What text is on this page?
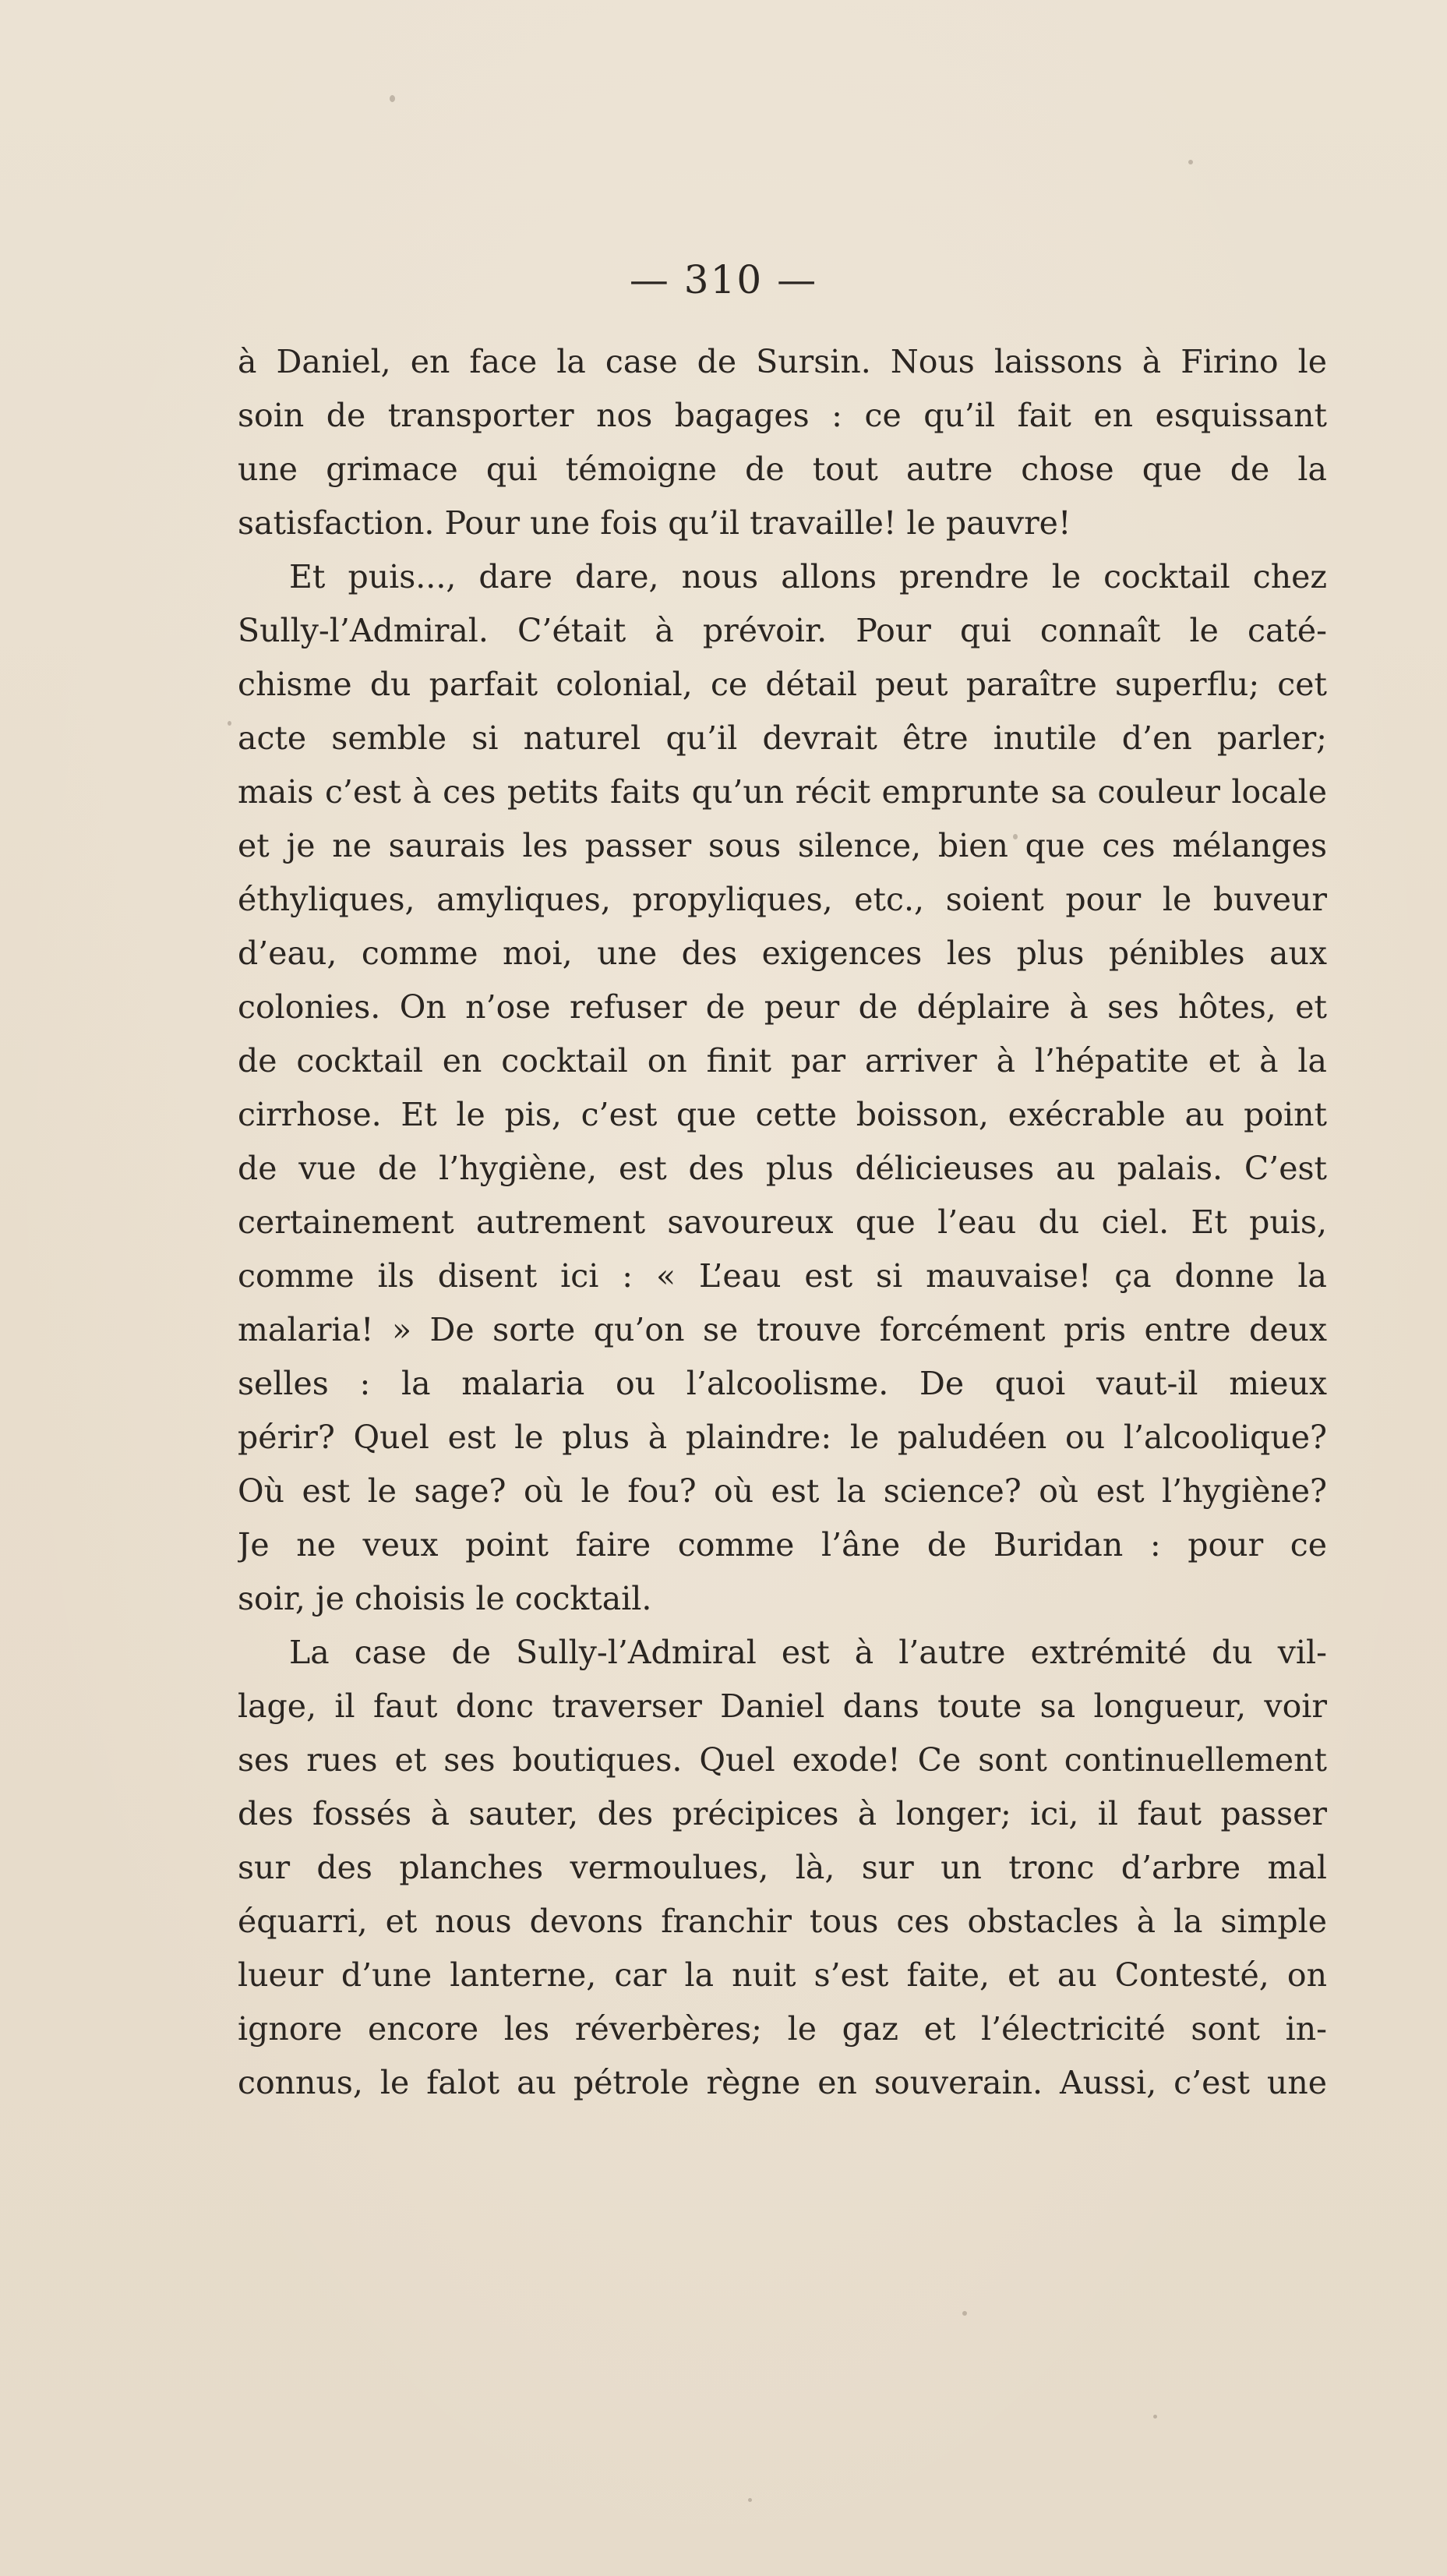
— 310 —
à Daniel, en face la case de Sursin. Nous laissons à Firino le
soin de transporter nos bagages : ce qu’il fait en esquissant
une grimace qui témoigne de tout autre chose que de la
satisfaction. Pour une fois qu’il travaille! le pauvre!
Et puis..., dare dare, nous allons prendre le cocktail chez
Sully-l’Admiral. C’était à prévoir. Pour qui connaît le caté-
chisme du parfait colonial, ce détail peut paraître superflu; cet
acte semble si naturel qu’il devrait être inutile d’en parler;
mais c’est à ces petits faits qu’un récit emprunte sa couleur locale
et je ne saurais les passer sous silence, bien que ces mélanges
éthyliques, amyliques, propyliques, etc., soient pour le buveur
d’eau, comme moi, une des exigences les plus pénibles aux
colonies. On n’ose refuser de peur de déplaire à ses hôtes, et
de cocktail en cocktail on finit par arriver à l’hépatite et à la
cirrhose. Et le pis, c’est que cette boisson, exécrable au point
de vue de l’hygiène, est des plus délicieuses au palais. C’est
certainement autrement savoureux que l’eau du ciel. Et puis,
comme ils disent ici : « L’eau est si mauvaise! ça donne la
malaria! » De sorte qu’on se trouve forcément pris entre deux
selles : la malaria ou l’alcoolisme. De quoi vaut-il mieux
périr? Quel est le plus à plaindre: le paludéen ou l’alcoolique?
Où est le sage? où le fou? où est la science? où est l’hygiène?
Je ne veux point faire comme l’âne de Buridan : pour ce
soir, je choisis le cocktail.
La case de Sully-l’Admiral est à l’autre extrémité du vil-
lage, il faut donc traverser Daniel dans toute sa longueur, voir
ses rues et ses boutiques. Quel exode! Ce sont continuellement
des fossés à sauter, des précipices à longer; ici, il faut passer
sur des planches vermoulues, là, sur un tronc d’arbre mal
équarri, et nous devons franchir tous ces obstacles à la simple
lueur d’une lanterne, car la nuit s’est faite, et au Contesté, on
ignore encore les réverbères; le gaz et l’électricité sont in-
connus, le falot au pétrole règne en souverain. Aussi, c’est une
